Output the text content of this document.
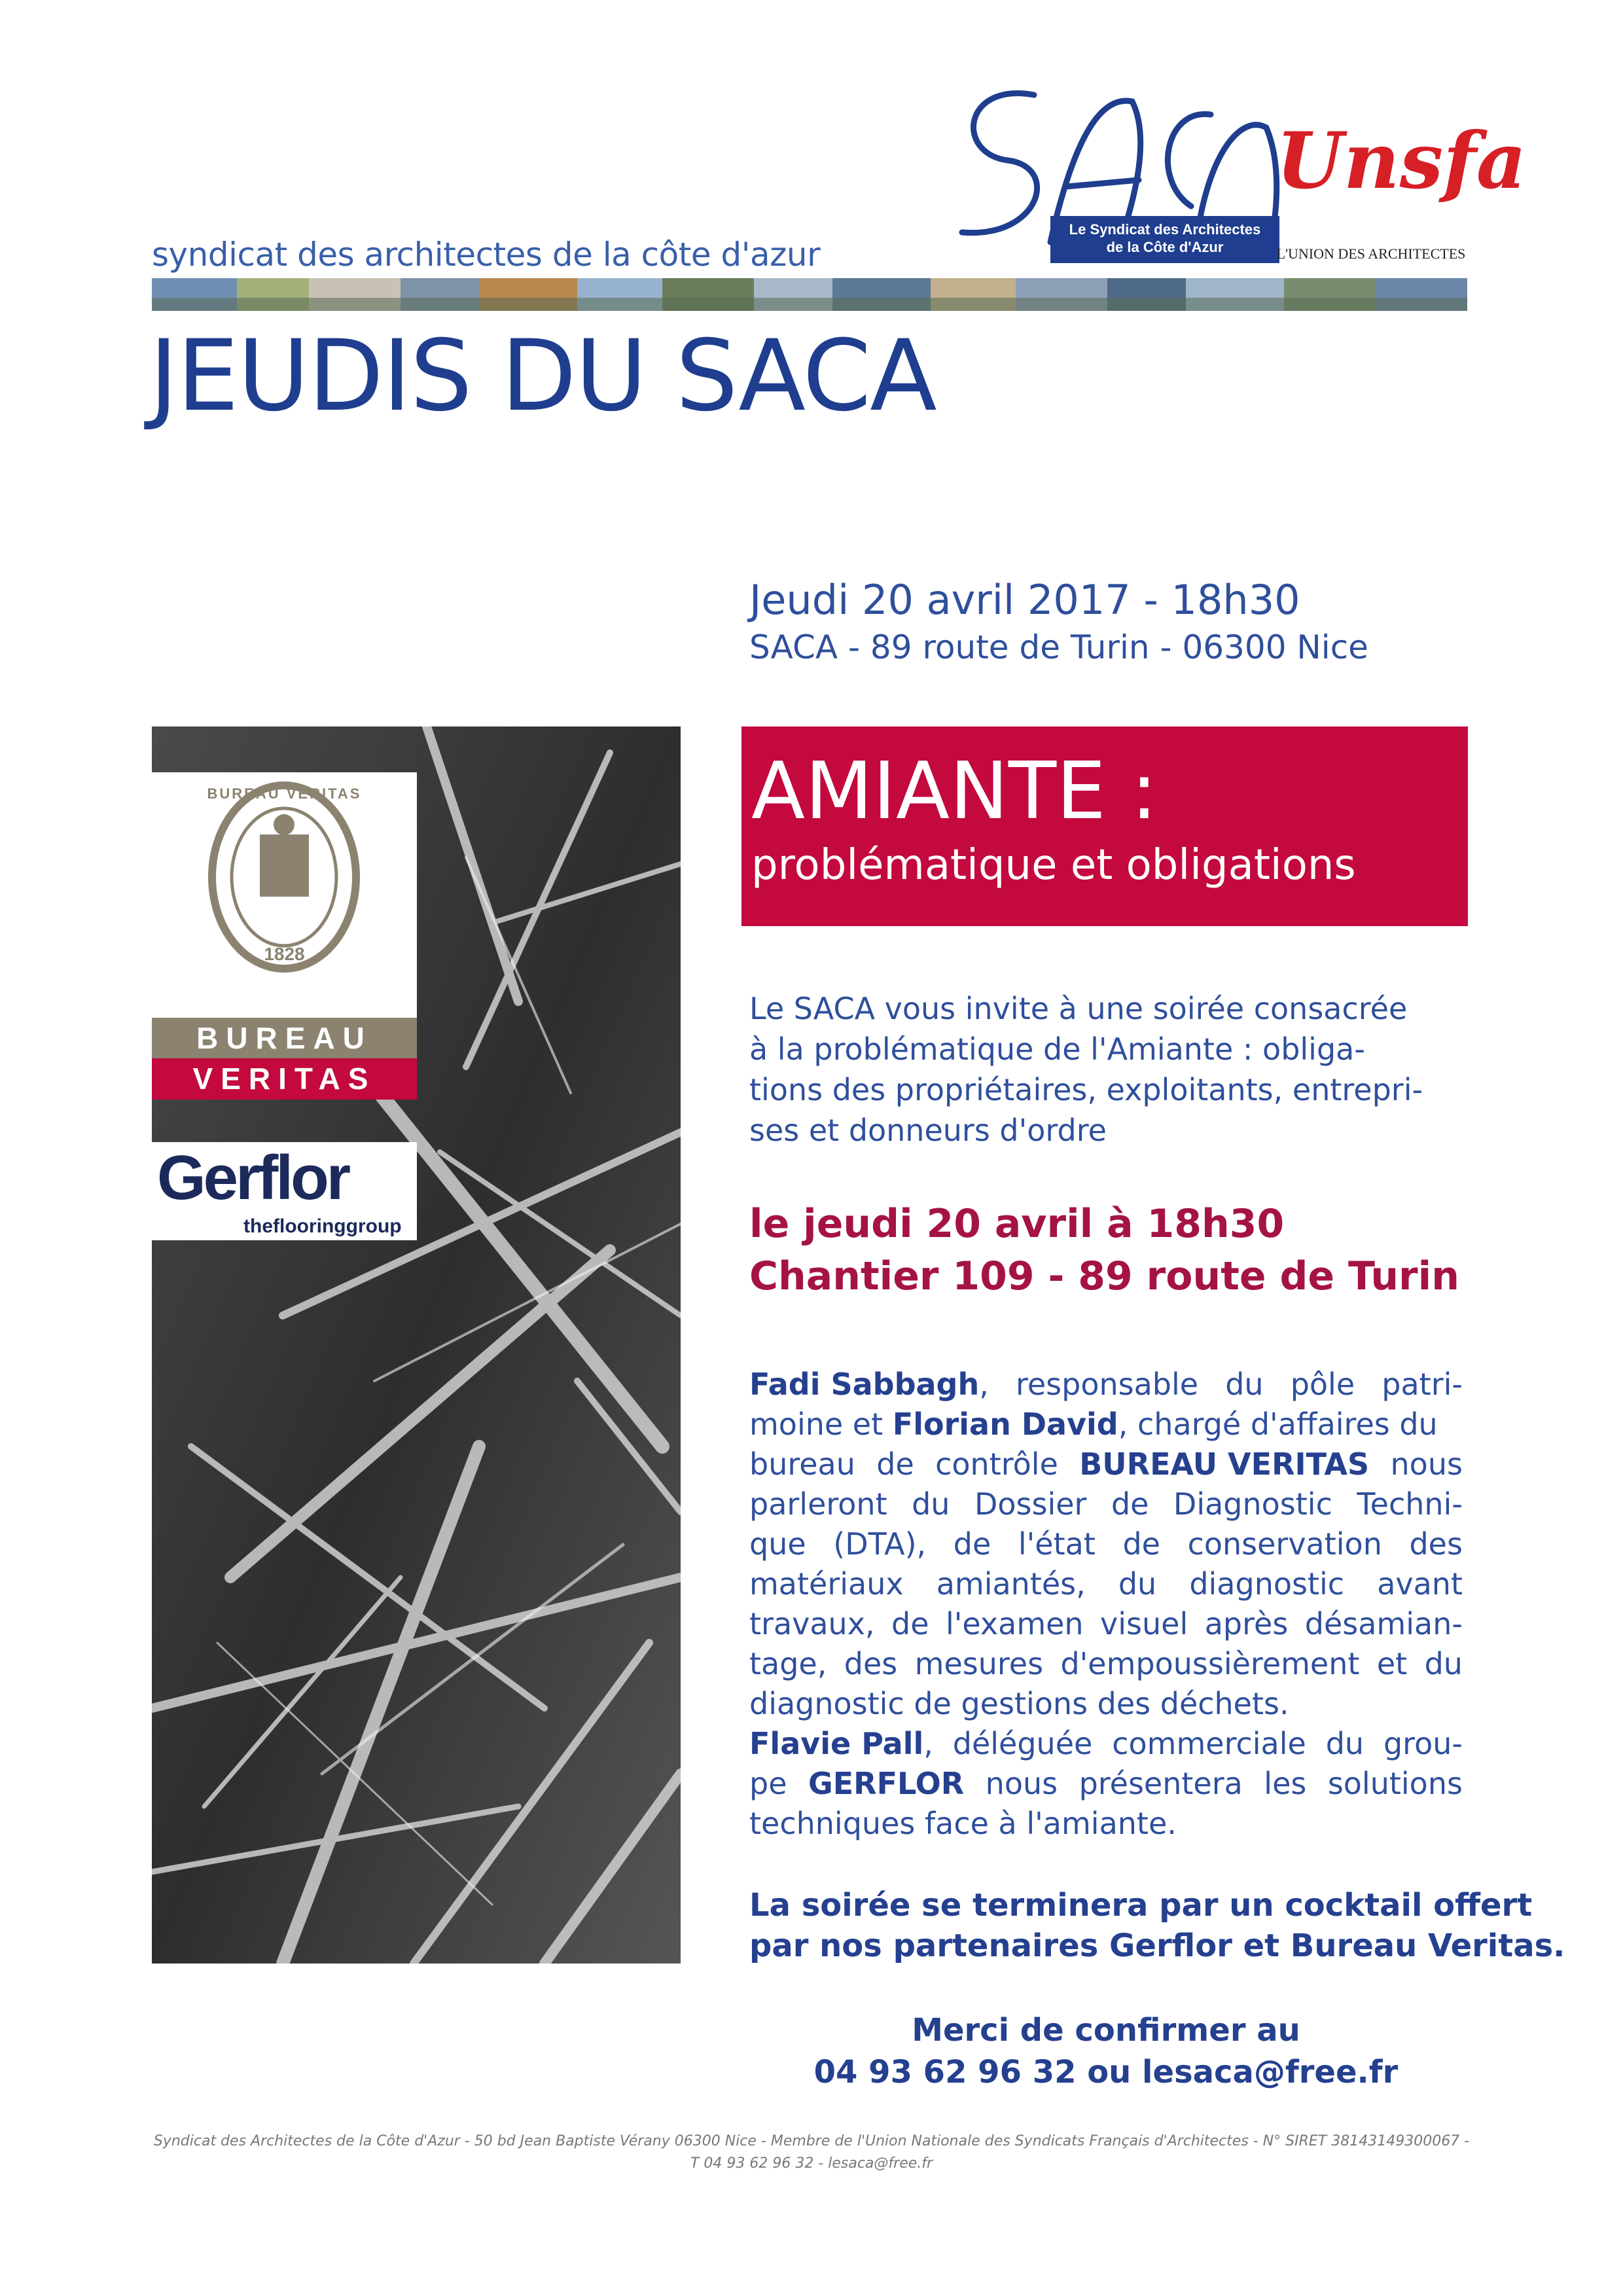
syndicat des architectes de la côte d'azur
JEUDIS DU SACA
Le Syndicat des Architectes
de la Côte d'Azur
Unsfa
L'UNION DES ARCHITECTES
Jeudi 20 avril 2017 - 18h30
SACA - 89 route de Turin - 06300 Nice
BUREAU VERITAS
1828
BUREAU
VERITAS
Gerflor
theflooringgroup
AMIANTE :
problématique et obligations
Le SACA vous invite à une soirée consacrée
à la problématique de l'Amiante : obliga-
tions des propriétaires, exploitants, entrepri-
ses et donneurs d'ordre
le jeudi 20 avril à 18h30
Chantier 109 - 89 route de Turin
Fadi Sabbagh, responsable du pôle patri-
moine et
Florian David , chargé d'affaires du
bureau de contrôle BUREAU VERITAS nous
parleront du Dossier de Diagnostic Techni-
que (DTA), de l'état de conservation des
matériaux amiantés, du diagnostic avant
travaux, de l'examen visuel après désamian-
tage, des mesures d'empoussièrement et du
diagnostic de gestions des déchets.
Flavie Pall, déléguée commerciale du grou-
pe GERFLOR nous présentera les solutions
techniques face à l'amiante.
La soirée se terminera par un cocktail offert
par nos partenaires Gerflor et Bureau Veritas.
Merci de confirmer au
04 93 62 96 32 ou lesaca@free.fr
Syndicat des Architectes de la Côte d'Azur - 50 bd Jean Baptiste Vérany 06300 Nice - Membre de l'Union Nationale des Syndicats Français d'Architectes - N° SIRET 38143149300067 -
T 04 93 62 96 32 - lesaca@free.fr
